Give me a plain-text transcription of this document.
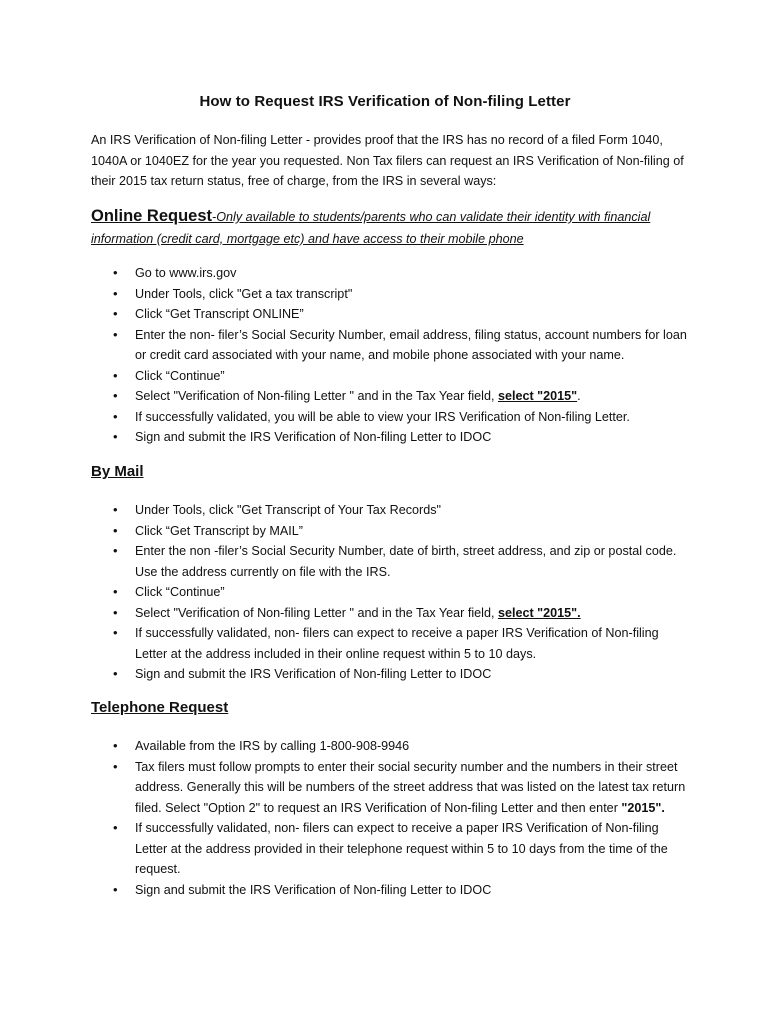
How to Request IRS Verification of Non-filing Letter
An IRS Verification of Non-filing Letter - provides proof that the IRS has no record of a filed Form 1040, 1040A or 1040EZ for the year you requested. Non Tax filers can request an IRS Verification of Non-filing of their 2015 tax return status, free of charge, from the IRS in several ways:
Online Request-Only available to students/parents who can validate their identity with financial information (credit card, mortgage etc) and have access to their mobile phone
• Go to www.irs.gov
• Under Tools, click "Get a tax transcript"
• Click “Get Transcript ONLINE”
• Enter the non- filer’s Social Security Number, email address, filing status, account numbers for loan or credit card associated with your name, and mobile phone associated with your name.
• Click “Continue”
• Select "Verification of Non-filing Letter " and in the Tax Year field, select "2015".
• If successfully validated, you will be able to view your IRS Verification of Non-filing Letter.
• Sign and submit the IRS Verification of Non-filing Letter to IDOC
By Mail
• Under Tools, click "Get Transcript of Your Tax Records"
• Click “Get Transcript by MAIL”
• Enter the non -filer’s Social Security Number, date of birth, street address, and zip or postal code. Use the address currently on file with the IRS.
• Click “Continue”
• Select "Verification of Non-filing Letter " and in the Tax Year field, select "2015".
• If successfully validated, non- filers can expect to receive a paper IRS Verification of Non-filing Letter at the address included in their online request within 5 to 10 days.
• Sign and submit the IRS Verification of Non-filing Letter to IDOC
Telephone Request
• Available from the IRS by calling 1-800-908-9946
• Tax filers must follow prompts to enter their social security number and the numbers in their street address. Generally this will be numbers of the street address that was listed on the latest tax return filed. Select "Option 2" to request an IRS Verification of Non-filing Letter and then enter "2015".
• If successfully validated, non- filers can expect to receive a paper IRS Verification of Non-filing Letter at the address provided in their telephone request within 5 to 10 days from the time of the request.
• Sign and submit the IRS Verification of Non-filing Letter to IDOC
